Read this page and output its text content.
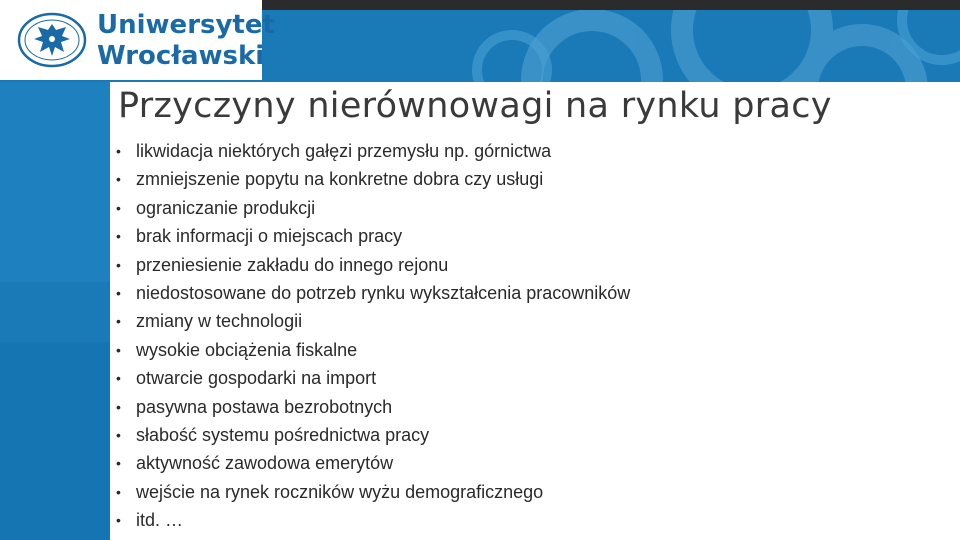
Uniwersytet
Wrocławski
Przyczyny nierównowagi na rynku pracy
• likwidacja niektórych gałęzi przemysłu np. górnictwa
• zmniejszenie popytu na konkretne dobra czy usługi
• ograniczanie produkcji
• brak informacji o miejscach pracy
• przeniesienie zakładu do innego rejonu
• niedostosowane do potrzeb rynku wykształcenia pracowników
• zmiany w technologii
• wysokie obciążenia fiskalne
• otwarcie gospodarki na import
• pasywna postawa bezrobotnych
• słabość systemu pośrednictwa pracy
• aktywność zawodowa emerytów
• wejście na rynek roczników wyżu demograficznego
• itd. …
